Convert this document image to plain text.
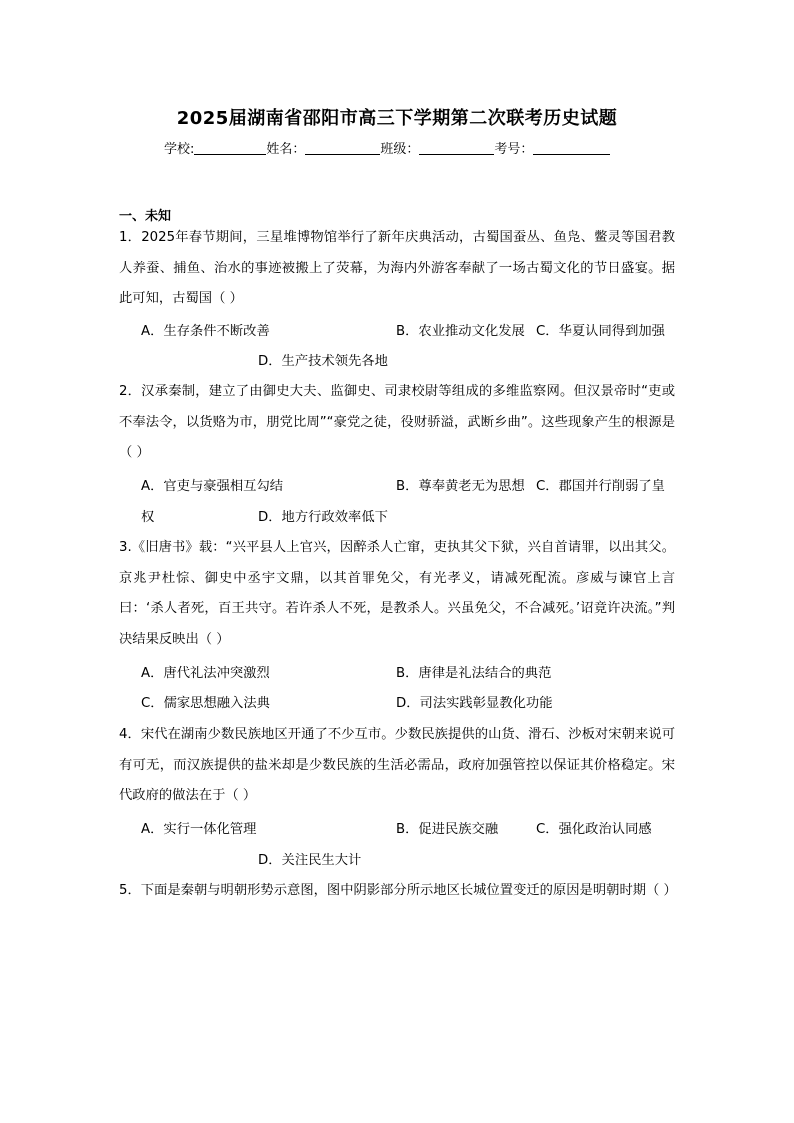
2025届湖南省邵阳市高三下学期第二次联考历史试题
学校:	姓名：	班级：	考号：
一、未知
1．2025年春节期间，三星堆博物馆举行了新年庆典活动，古蜀国蚕丛、鱼凫、鳖灵等国君教人养蚕、捕鱼、治水的事迹被搬上了荧幕，为海内外游客奉献了一场古蜀文化的节日盛宴。据此可知，古蜀国（ ）
A．生存条件不断改善	B．农业推动文化发展 C．华夏认同得到加强
D．生产技术领先各地
2．汉承秦制，建立了由御史大夫、监御史、司隶校尉等组成的多维监察网。但汉景帝时“吏或不奉法令，以货赂为市，朋党比周”“豪党之徒，役财骄溢，武断乡曲”。这些现象产生的根源是（ ）
A．官吏与豪强相互勾结	B．尊奉黄老无为思想 C．郡国并行削弱了皇
权	D．地方行政效率低下
3.《旧唐书》载：“兴平县人上官兴，因醉杀人亡窜，吏执其父下狱，兴自首请罪，以出其父。京兆尹杜悰、御史中丞宇文鼎，以其首罪免父，有光孝义，请减死配流。彦威与谏官上言曰：‘杀人者死，百王共守。若许杀人不死，是教杀人。兴虽免父，不合减死。’诏竟许决流。”判决结果反映出（ ）
A．唐代礼法冲突激烈	B．唐律是礼法结合的典范
C．儒家思想融入法典	D．司法实践彰显教化功能
4．宋代在湖南少数民族地区开通了不少互市。少数民族提供的山货、滑石、沙板对宋朝来说可有可无，而汉族提供的盐米却是少数民族的生活必需品，政府加强管控以保证其价格稳定。宋代政府的做法在于（ ）
A．实行一体化管理	B．促进民族交融	C．强化政治认同感
D．关注民生大计
5．下面是秦朝与明朝形势示意图，图中阴影部分所示地区长城位置变迁的原因是明朝时期（ ）
